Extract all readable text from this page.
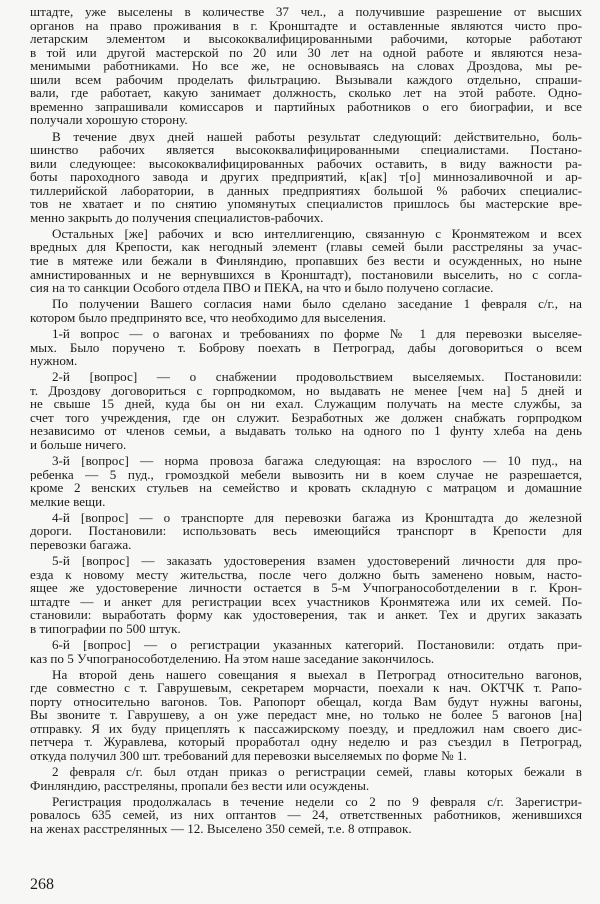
штадте, уже выселены в количестве 37 чел., а получившие разрешение от высших
органов на право проживания в г. Кронштадте и оставленные являются чисто про-
летарским элементом и высококвалифицированными рабочими, которые работают
в той или другой мастерской по 20 или 30 лет на одной работе и являются неза-
менимыми работниками. Но все же, не основываясь на словах Дроздова, мы ре-
шили всем рабочим проделать фильтрацию. Вызывали каждого отдельно, спраши-
вали, где работает, какую занимает должность, сколько лет на этой работе. Одно-
временно запрашивали комиссаров и партийных работников о его биографии, и все
получали хорошую сторону.
В течение двух дней нашей работы результат следующий: действительно, боль-
шинство рабочих является высококвалифицированными специалистами. Постано-
вили следующее: высококвалифицированных рабочих оставить, в виду важности ра-
боты пароходного завода и других предприятий, к[ак] т[о] миннозаливочной и ар-
тиллерийской лаборатории, в данных предприятиях большой % рабочих специалис-
тов не хватает и по снятию упомянутых специалистов пришлось бы мастерские вре-
менно закрыть до получения специалистов-рабочих.
Остальных [же] рабочих и всю интеллигенцию, связанную с Кронмятежом и всех
вредных для Крепости, как негодный элемент (главы семей были расстреляны за учас-
тие в мятеже или бежали в Финляндию, пропавших без вести и осужденных, но ныне
амнистированных и не вернувшихся в Кронштадт), постановили выселить, но с согла-
сия на то санкции Особого отдела ПВО и ПЕКА, на что и было получено согласие.
По получении Вашего согласия нами было сделано заседание 1 февраля с/г., на
котором было предпринято все, что необходимо для выселения.
1-й вопрос — о вагонах и требованиях по форме № 1 для перевозки выселяе-
мых. Было поручено т. Боброву поехать в Петроград, дабы договориться о всем
нужном.
2-й [вопрос] — о снабжении продовольствием выселяемых. Постановили:
т. Дроздову договориться с горпродкомом, но выдавать не менее [чем на] 5 дней и
не свыше 15 дней, куда бы он ни ехал. Служащим получать на месте службы, за
счет того учреждения, где он служит. Безработных же должен снабжать горпродком
независимо от членов семьи, а выдавать только на одного по 1 фунту хлеба на день
и больше ничего.
3-й [вопрос] — норма провоза багажа следующая: на взрослого — 10 пуд., на
ребенка — 5 пуд., громоздкой мебели вывозить ни в коем случае не разрешается,
кроме 2 венских стульев на семейство и кровать складную с матрацом и домашние
мелкие вещи.
4-й [вопрос] — о транспорте для перевозки багажа из Кронштадта до железной
дороги. Постановили: использовать весь имеющийся транспорт в Крепости для
перевозки багажа.
5-й [вопрос] — заказать удостоверения взамен удостоверений личности для про-
езда к новому месту жительства, после чего должно быть заменено новым, насто-
ящее же удостоверение личности остается в 5-м Учпогранособотделении в г. Крон-
штадте — и анкет для регистрации всех участников Кронмятежа или их семей. По-
становили: выработать форму как удостоверения, так и анкет. Тех и других заказать
в типографии по 500 штук.
6-й [вопрос] — о регистрации указанных категорий. Постановили: отдать при-
каз по 5 Учпогранособотделению. На этом наше заседание закончилось.
На второй день нашего совещания я выехал в Петроград относительно вагонов,
где совместно с т. Гаврушевым, секретарем морчасти, поехали к нач. ОКТЧК т. Рапо-
порту относительно вагонов. Тов. Рапопорт обещал, когда Вам будут нужны вагоны,
Вы звоните т. Гаврушеву, а он уже передаст мне, но только не более 5 вагонов [на]
отправку. Я их буду прицеплять к пассажирскому поезду, и предложил нам своего дис-
петчера т. Журавлева, который проработал одну неделю и раз съездил в Петроград,
откуда получил 300 шт. требований для перевозки выселяемых по форме № 1.
2 февраля с/г. был отдан приказ о регистрации семей, главы которых бежали в
Финляндию, расстреляны, пропали без вести или осуждены.
Регистрация продолжалась в течение недели со 2 по 9 февраля с/г. Зарегистри-
ровалось 635 семей, из них оптантов — 24, ответственных работников, женившихся
на женах расстрелянных — 12. Выселено 350 семей, т.е. 8 отправок.
268
